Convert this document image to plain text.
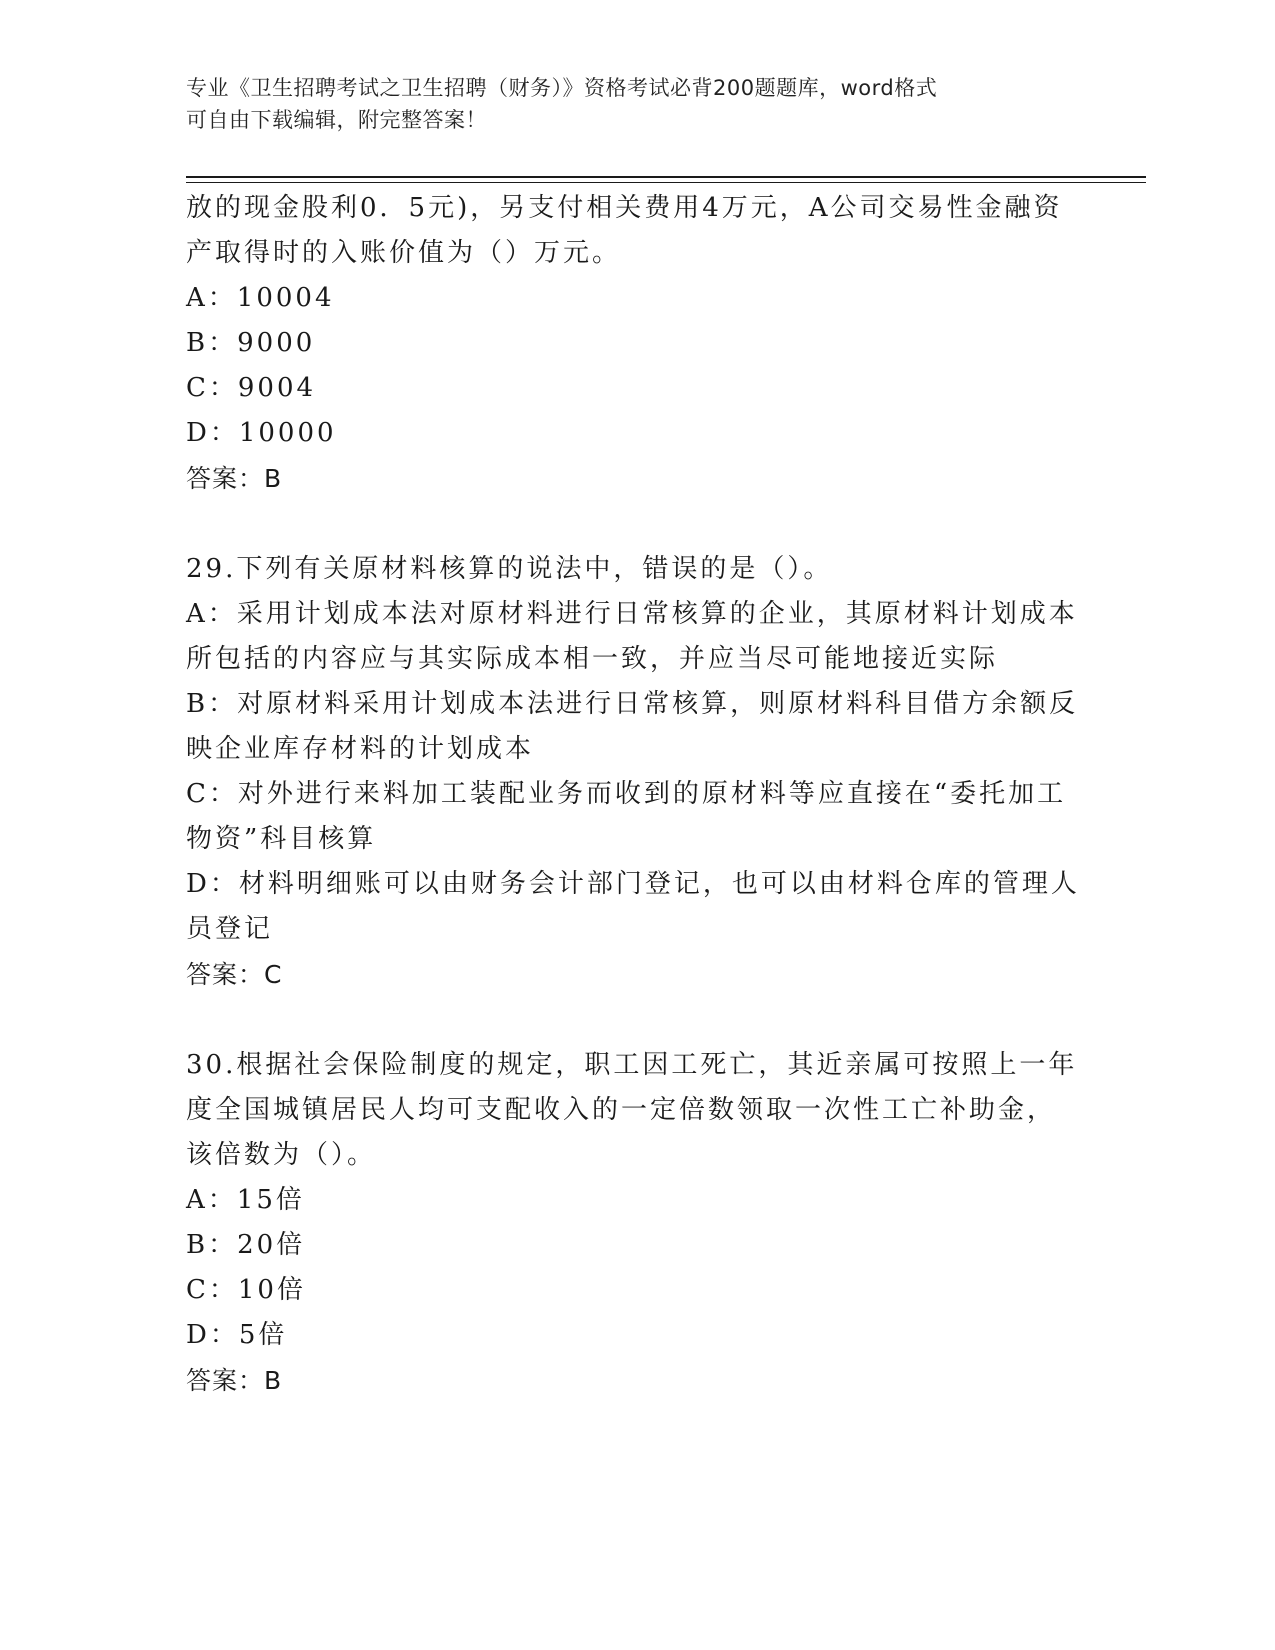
专业《卫生招聘考试之卫生招聘（财务）》资格考试必背200题题库，word格式
可自由下载编辑，附完整答案！
放的现金股利0．5元)，另支付相关费用4万元，A公司交易性金融资
产取得时的入账价值为（）万元。
A：10004
B：9000
C：9004
D：10000
答案：B
29.下列有关原材料核算的说法中，错误的是（）。
A：采用计划成本法对原材料进行日常核算的企业，其原材料计划成本
所包括的内容应与其实际成本相一致，并应当尽可能地接近实际
B：对原材料采用计划成本法进行日常核算，则原材料科目借方余额反
映企业库存材料的计划成本
C：对外进行来料加工装配业务而收到的原材料等应直接在“委托加工
物资”科目核算
D：材料明细账可以由财务会计部门登记，也可以由材料仓库的管理人
员登记
答案：C
30.根据社会保险制度的规定，职工因工死亡，其近亲属可按照上一年
度全国城镇居民人均可支配收入的一定倍数领取一次性工亡补助金，
该倍数为（）。
A：15倍
B：20倍
C：10倍
D：5倍
答案：B
